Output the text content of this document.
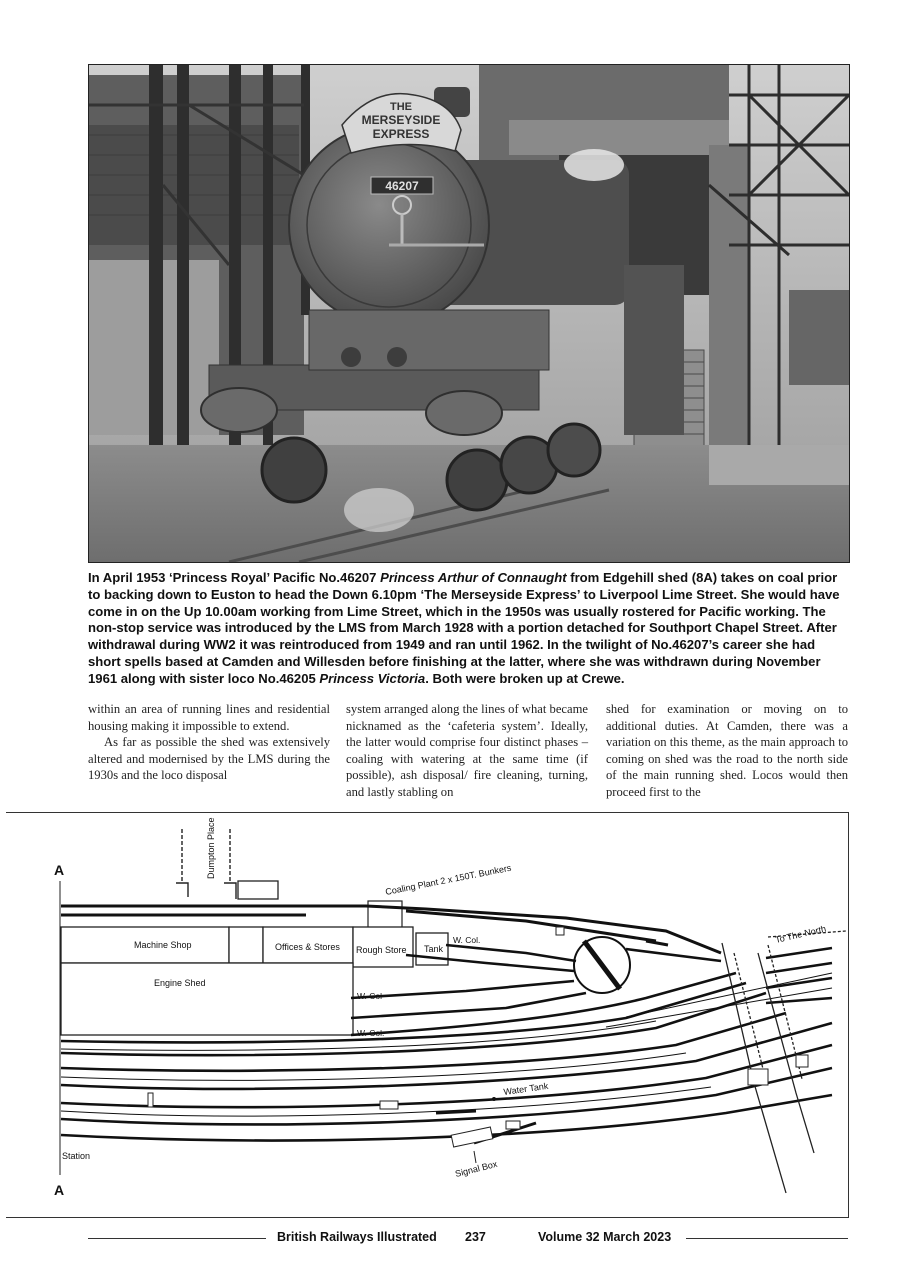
THE
MERSEYSIDE
EXPRESS
46207

In April 1953 ‘Princess Royal’ Pacific No.46207 Princess Arthur of Connaught from Edgehill shed (8A) takes on coal prior to backing down to Euston to head the Down 6.10pm ‘The Merseyside Express’ to Liverpool Lime Street. She would have come in on the Up 10.00am working from Lime Street, which in the 1950s was usually rostered for Pacific working. The non-stop service was introduced by the LMS from March 1928 with a portion detached for Southport Chapel Street. After withdrawal during WW2 it was reintroduced from 1949 and ran until 1962. In the twilight of No.46207’s career she had short spells based at Camden and Willesden before finishing at the latter, where she was withdrawn during November 1961 along with sister loco No.46205 Princess Victoria. Both were broken up at Crewe.

within an area of running lines and residential housing making it impossible to extend.

As far as possible the shed was extensively altered and modernised by the LMS during the 1930s and the loco disposal

system arranged along the lines of what became nicknamed as the ‘cafeteria system’. Ideally, the latter would comprise four distinct phases – coaling with watering at the same time (if possible), ash disposal/ fire cleaning, turning, and lastly stabling on

shed for examination or moving on to additional duties. At Camden, there was a variation on this theme, as the main approach to coming on shed was the road to the north side of the main running shed. Locos would then proceed first to the

A
A
Dumpton Place
Coaling Plant 2 x 150T. Bunkers
Machine Shop	Offices & Stores Rough Store Tank
Engine Shed
W. Col.
W. Col
W. Col.
To The North
Water Tank
Signal Box
Station
British Railways Illustrated 237	Volume 32 March 2023
